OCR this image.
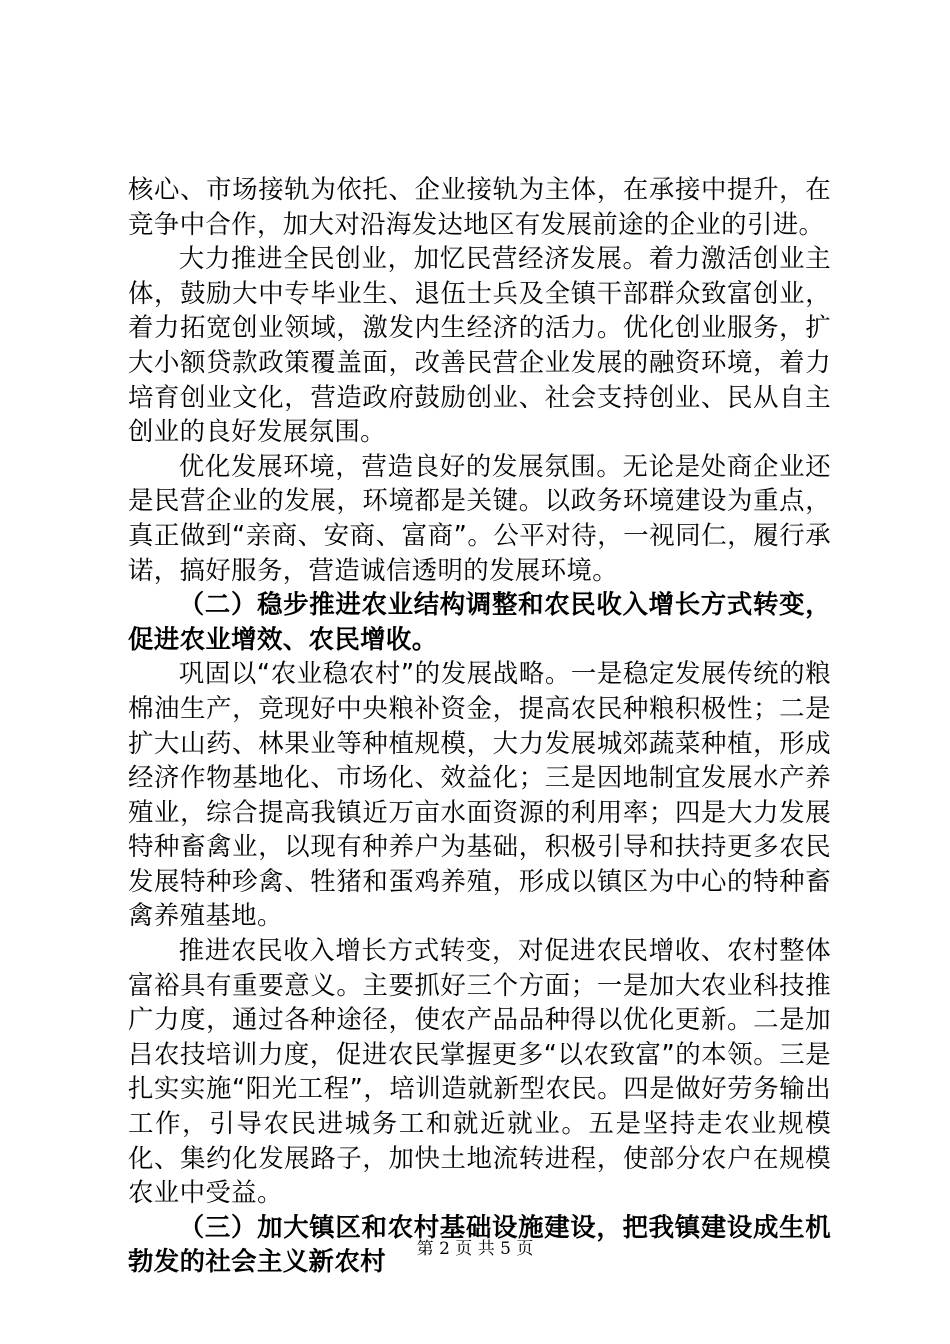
核心、市场接轨为依托、企业接轨为主体，在承接中提升，在竞争中合作，加大对沿海发达地区有发展前途的企业的引进。

大力推进全民创业，加忆民营经济发展。着力激活创业主体，鼓励大中专毕业生、退伍士兵及全镇干部群众致富创业，着力拓宽创业领域，激发内生经济的活力。优化创业服务，扩大小额贷款政策覆盖面，改善民营企业发展的融资环境，着力培育创业文化，营造政府鼓励创业、社会支持创业、民从自主创业的良好发展氛围。

优化发展环境，营造良好的发展氛围。无论是处商企业还是民营企业的发展，环境都是关键。以政务环境建设为重点，真正做到“亲商、安商、富商”。公平对待，一视同仁，履行承诺，搞好服务，营造诚信透明的发展环境。

（二）稳步推进农业结构调整和农民收入增长方式转变，促进农业增效、农民增收。

巩固以“农业稳农村”的发展战略。一是稳定发展传统的粮棉油生产，竞现好中央粮补资金，提高农民种粮积极性；二是扩大山药、林果业等种植规模，大力发展城郊蔬菜种植，形成经济作物基地化、市场化、效益化；三是因地制宜发展水产养殖业，综合提高我镇近万亩水面资源的利用率；四是大力发展特种畜禽业，以现有种养户为基础，积极引导和扶持更多农民发展特种珍禽、牲猪和蛋鸡养殖，形成以镇区为中心的特种畜禽养殖基地。

推进农民收入增长方式转变，对促进农民增收、农村整体富裕具有重要意义。主要抓好三个方面；一是加大农业科技推广力度，通过各种途径，使农产品品种得以优化更新。二是加吕农技培训力度，促进农民掌握更多“以农致富”的本领。三是扎实实施“阳光工程”，培训造就新型农民。四是做好劳务输出工作，引导农民进城务工和就近就业。五是坚持走农业规模化、集约化发展路子，加快土地流转进程，使部分农户在规模农业中受益。

（三）加大镇区和农村基础设施建设，把我镇建设成生机勃发的社会主义新农村	第 2 页 共 5 页
